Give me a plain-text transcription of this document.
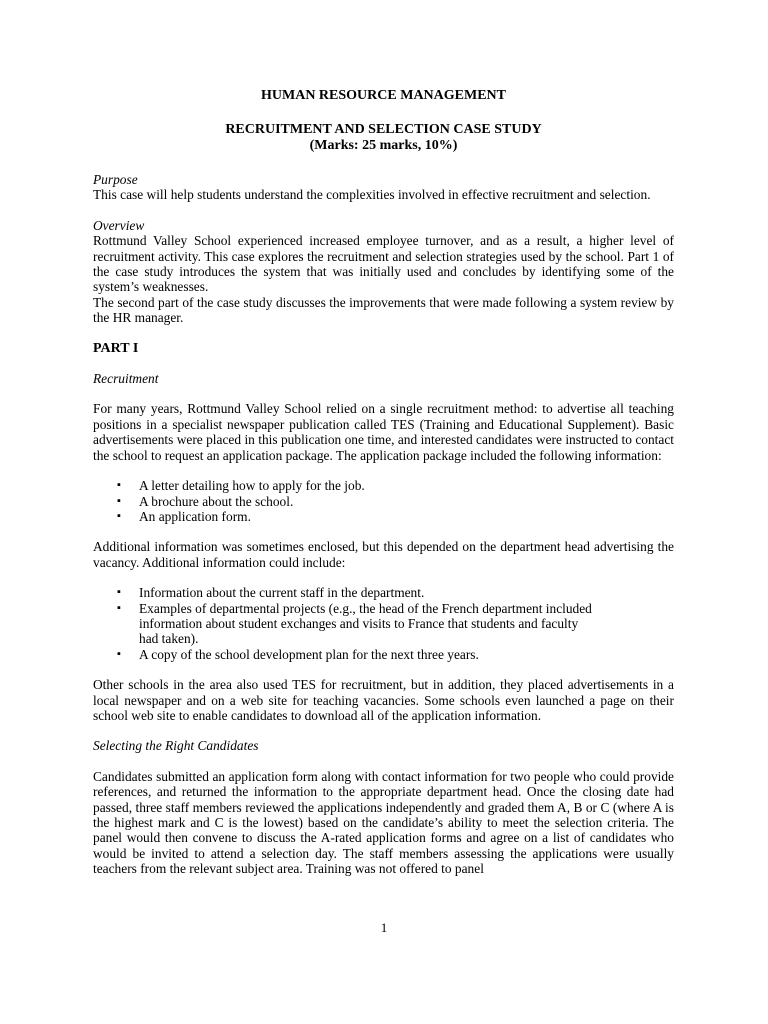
HUMAN RESOURCE MANAGEMENT

RECRUITMENT AND SELECTION CASE STUDY

(Marks: 25 marks, 10%)

Purpose

This case will help students understand the complexities involved in effective recruitment and selection.

Overview

Rottmund Valley School experienced increased employee turnover, and as a result, a higher level of recruitment activity. This case explores the recruitment and selection strategies used by the school. Part 1 of the case study introduces the system that was initially used and concludes by identifying some of the system’s weaknesses.

The second part of the case study discusses the improvements that were made following a system review by the HR manager.

PART I

Recruitment

For many years, Rottmund Valley School relied on a single recruitment method: to advertise all teaching positions in a specialist newspaper publication called TES (Training and Educational Supplement). Basic advertisements were placed in this publication one time, and interested candidates were instructed to contact the school to request an application package. The application package included the following information:

▪ A letter detailing how to apply for the job.
▪ A brochure about the school.
▪ An application form.

Additional information was sometimes enclosed, but this depended on the department head advertising the vacancy. Additional information could include:

▪ Information about the current staff in the department.
▪ Examples of departmental projects (e.g., the head of the French department included information about student exchanges and visits to France that students and faculty had taken).
▪ A copy of the school development plan for the next three years.

Other schools in the area also used TES for recruitment, but in addition, they placed advertisements in a local newspaper and on a web site for teaching vacancies. Some schools even launched a page on their school web site to enable candidates to download all of the application information.

Selecting the Right Candidates

Candidates submitted an application form along with contact information for two people who could provide references, and returned the information to the appropriate department head. Once the closing date had passed, three staff members reviewed the applications independently and graded them A, B or C (where A is the highest mark and C is the lowest) based on the candidate’s ability to meet the selection criteria. The panel would then convene to discuss the A-rated application forms and agree on a list of candidates who would be invited to attend a selection day. The staff members assessing the applications were usually teachers from the relevant subject area. Training was not offered to panel

1
